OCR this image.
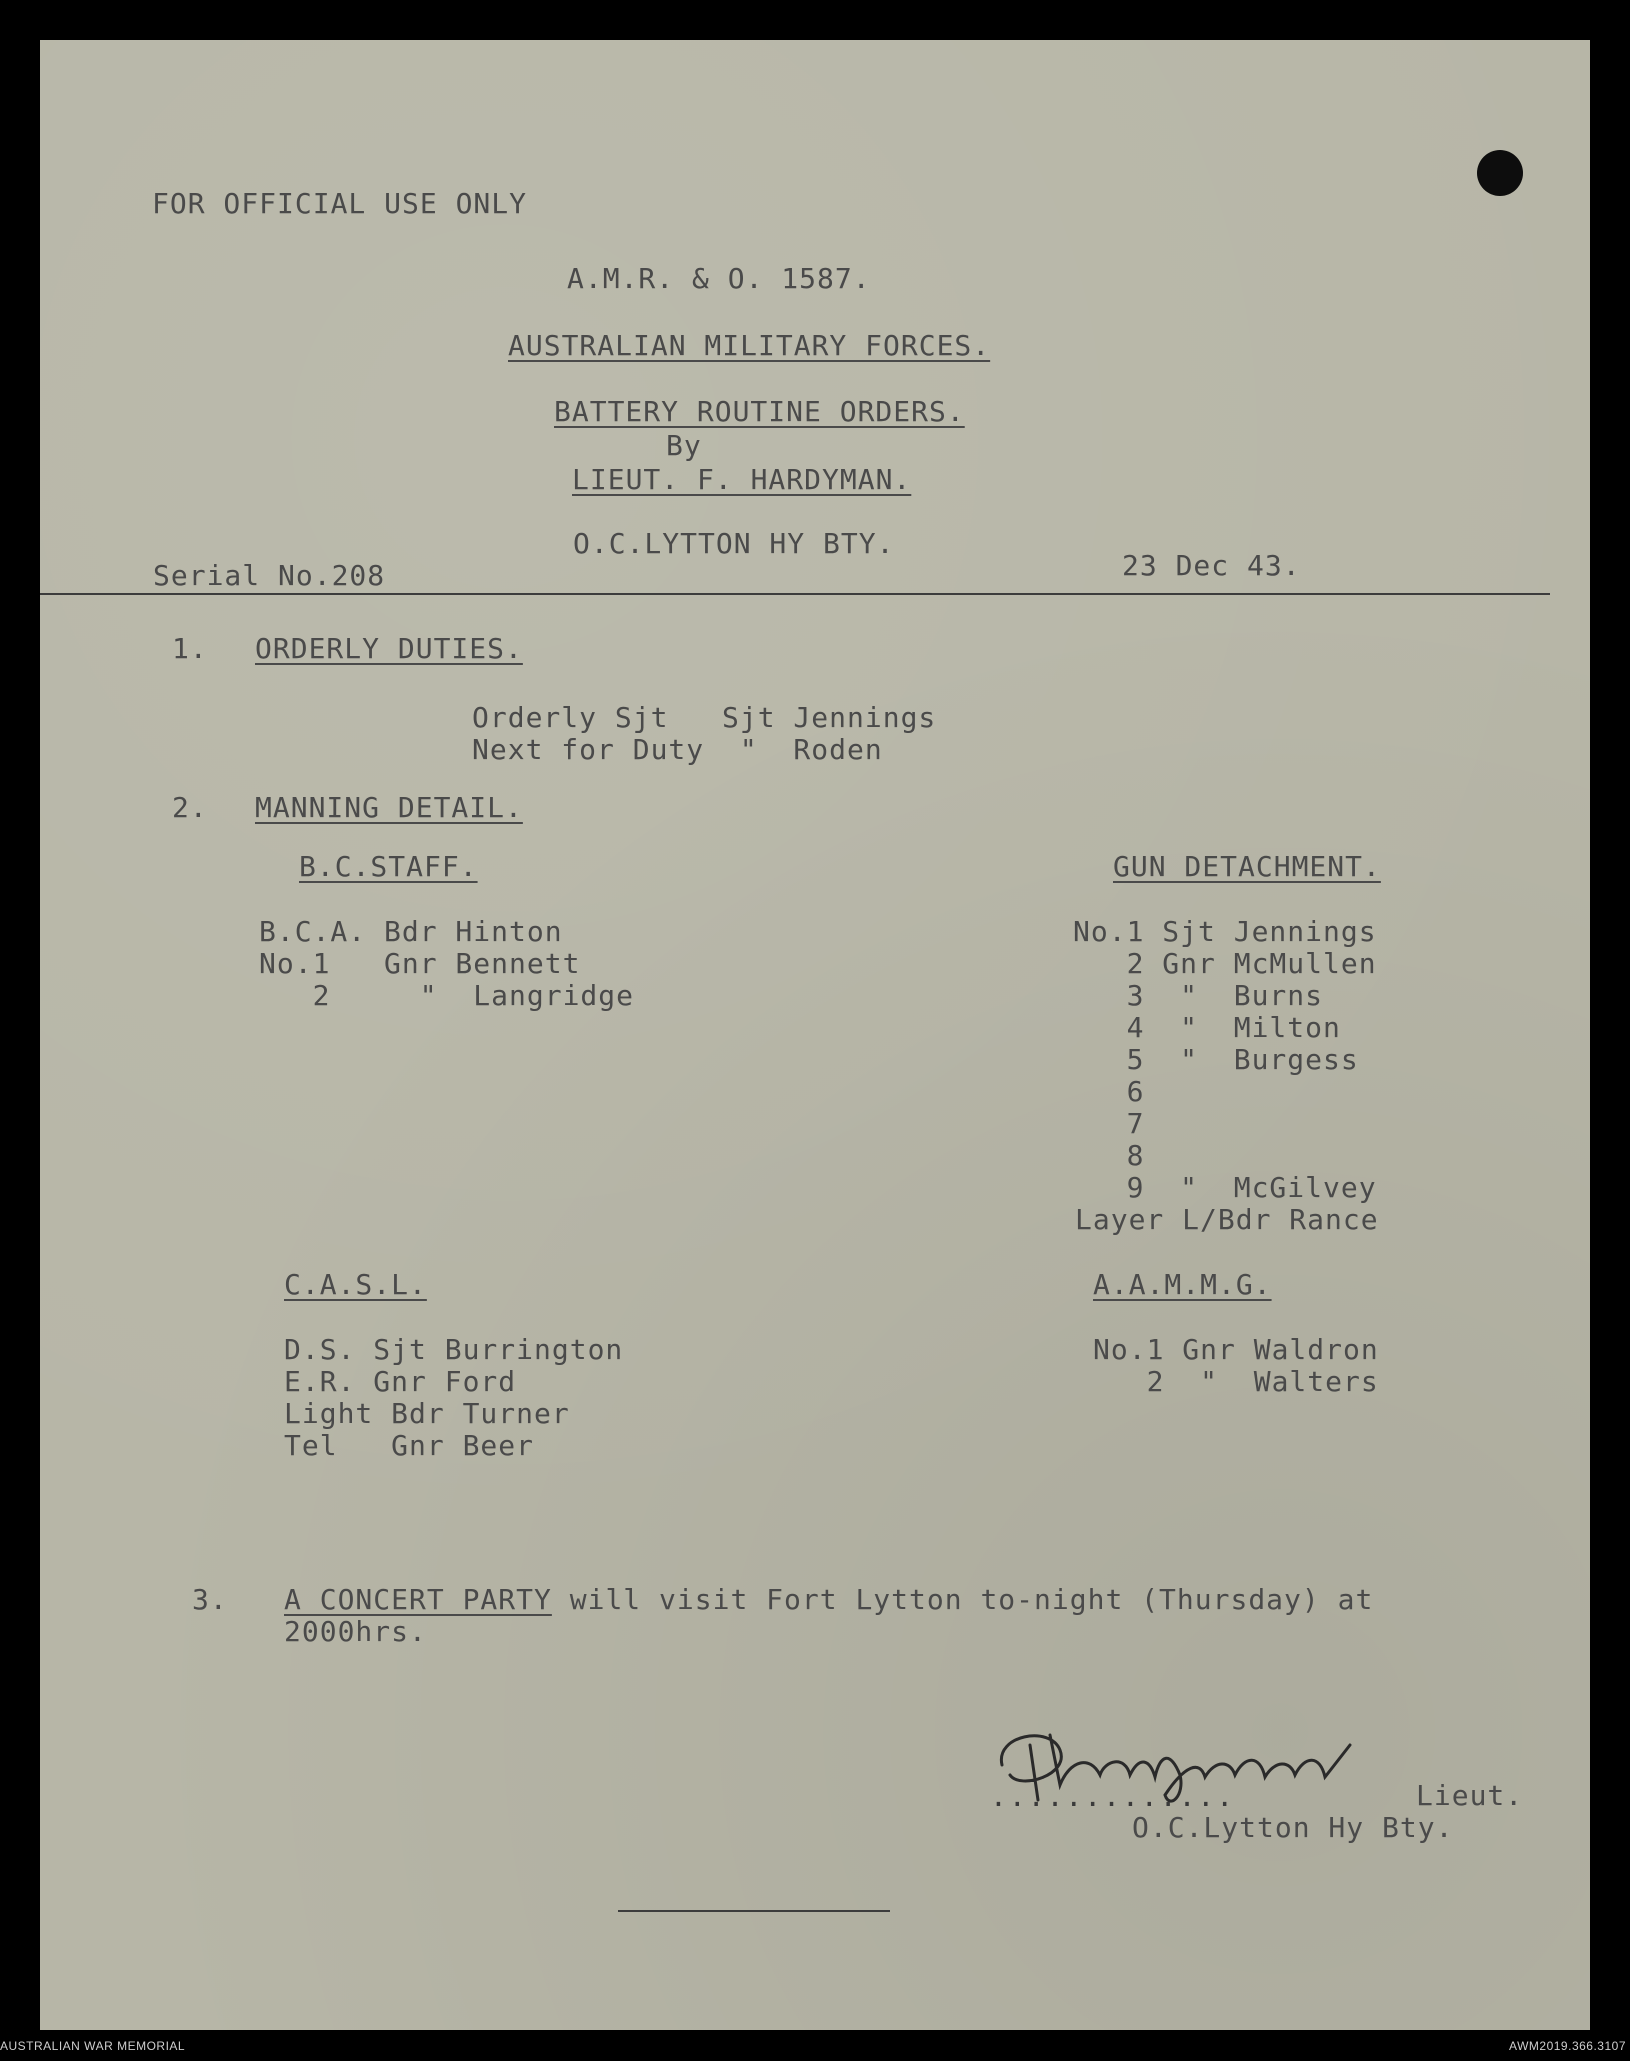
FOR OFFICIAL USE ONLY
A.M.R. & O. 1587.
AUSTRALIAN MILITARY FORCES.
BATTERY ROUTINE ORDERS.
By
LIEUT. F. HARDYMAN.
O.C.LYTTON HY BTY.
Serial No.208	23 Dec 43.
1. ORDERLY DUTIES.
Orderly Sjt   Sjt Jennings
Next for Duty  "  Roden
2. MANNING DETAIL.
B.C.STAFF.
B.C.A. Bdr Hinton
No.1   Gnr Bennett
2     "  Langridge
GUN DETACHMENT.
No.1 Sjt Jennings
2 Gnr McMullen
3  "  Burns
4  "  Milton
5  "  Burgess
6
7
8
9  "  McGilvey
Layer L/Bdr Rance
C.A.S.L.
D.S. Sjt Burrington
E.R. Gnr Ford
Light Bdr Turner
Tel   Gnr Beer
A.A.M.M.G.
No.1 Gnr Waldron
2  "  Walters
3. A CONCERT PARTY will visit Fort Lytton to-night (Thursday) at
2000hrs.
.............	Lieut.
O.C.Lytton Hy Bty.
AUSTRALIAN WAR MEMORIAL	AWM2019.366.3107
